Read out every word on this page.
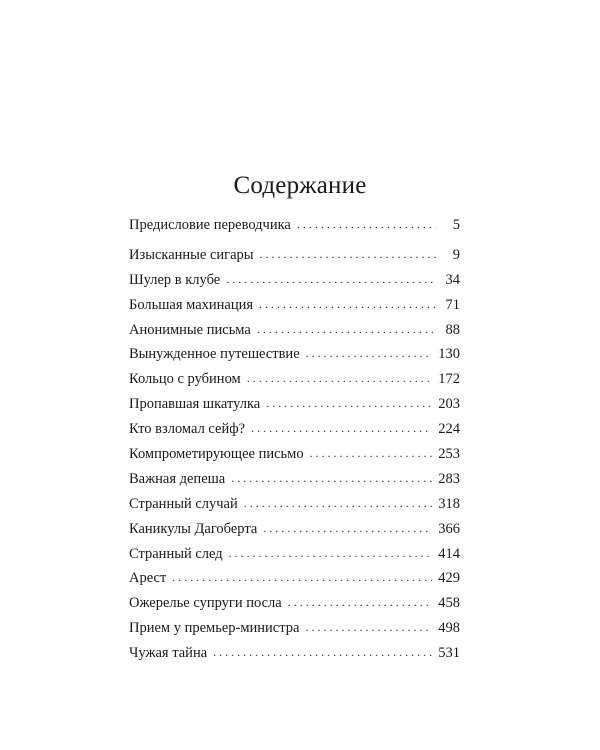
Содержание
Предисловие переводчика . . .	5
Изысканные сигары . . .	9
Шулер в клубе . . .	34
Большая махинация . . .	71
Анонимные письма . . .	88
Вынужденное путешествие . . .	130
Кольцо с рубином . . .	172
Пропавшая шкатулка . . .	203
Кто взломал сейф? . . .	224
Компрометирующее письмо . . .	253
Важная депеша . . .	283
Странный случай . . .	318
Каникулы Дагоберта . . .	366
Странный след . . .	414
Арест . . .	429
Ожерелье супруги посла . . .	458
Прием у премьер-министра . . .	498
Чужая тайна . . .	531
